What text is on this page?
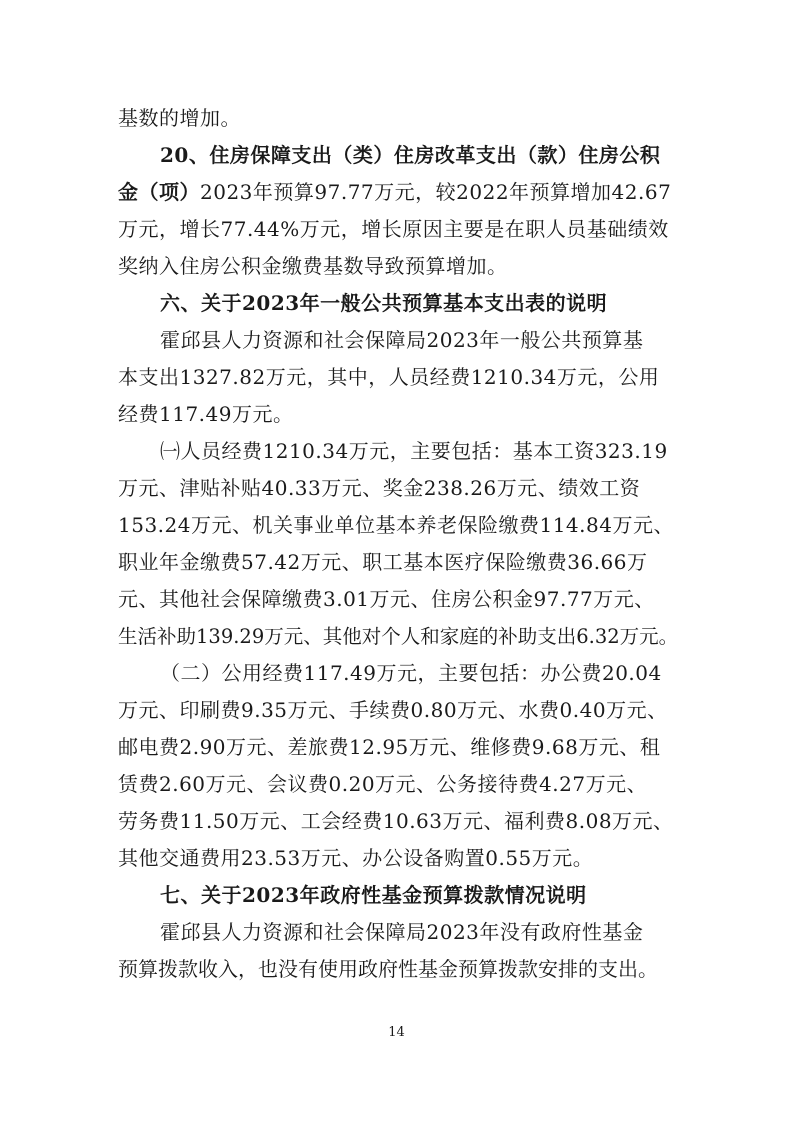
基数的增加。
20、住房保障支出（类）住房改革支出（款）住房公积
金（项）2023年预算97.77万元，较2022年预算增加42.67
万元，增长77.44%万元，增长原因主要是在职人员基础绩效
奖纳入住房公积金缴费基数导致预算增加。
六、关于2023年一般公共预算基本支出表的说明
霍邱县人力资源和社会保障局2023年一般公共预算基
本支出1327.82万元，其中，人员经费1210.34万元，公用
经费117.49万元。
㈠人员经费1210.34万元，主要包括：基本工资323.19
万元、津贴补贴40.33万元、奖金238.26万元、绩效工资
153.24万元、机关事业单位基本养老保险缴费114.84万元、
职业年金缴费57.42万元、职工基本医疗保险缴费36.66万
元、其他社会保障缴费3.01万元、住房公积金97.77万元、
生活补助139.29万元、其他对个人和家庭的补助支出6.32万元。
（二）公用经费117.49万元，主要包括：办公费20.04
万元、印刷费9.35万元、手续费0.80万元、水费0.40万元、
邮电费2.90万元、差旅费12.95万元、维修费9.68万元、租
赁费2.60万元、会议费0.20万元、公务接待费4.27万元、
劳务费11.50万元、工会经费10.63万元、福利费8.08万元、
其他交通费用23.53万元、办公设备购置0.55万元。
七、关于2023年政府性基金预算拨款情况说明
霍邱县人力资源和社会保障局2023年没有政府性基金
预算拨款收入，也没有使用政府性基金预算拨款安排的支出。
14
